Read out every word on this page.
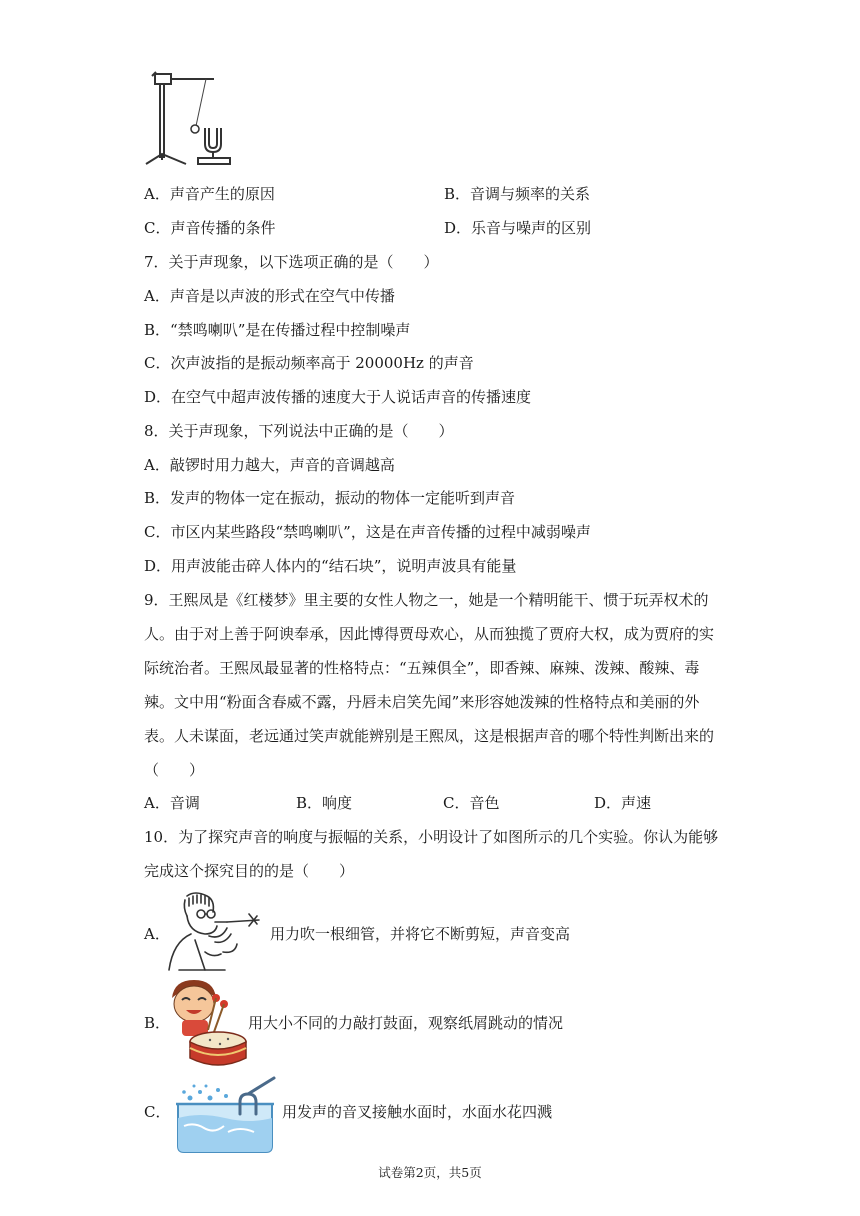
A．声音产生的原因	B．音调与频率的关系
C．声音传播的条件	D．乐音与噪声的区别
7．关于声现象，以下选项正确的是（　　）
A．声音是以声波的形式在空气中传播
B．“禁鸣喇叭”是在传播过程中控制噪声
C．次声波指的是振动频率高于 20000Hz 的声音
D．在空气中超声波传播的速度大于人说话声音的传播速度
8．关于声现象，下列说法中正确的是（　　）
A．敲锣时用力越大，声音的音调越高
B．发声的物体一定在振动，振动的物体一定能听到声音
C．市区内某些路段“禁鸣喇叭”，这是在声音传播的过程中减弱噪声
D．用声波能击碎人体内的“结石块”，说明声波具有能量
9．王熙凤是《红楼梦》里主要的女性人物之一，她是一个精明能干、惯于玩弄权术的
人。由于对上善于阿谀奉承，因此博得贾母欢心，从而独揽了贾府大权，成为贾府的实
际统治者。王熙凤最显著的性格特点：“五辣俱全”，即香辣、麻辣、泼辣、酸辣、毒
辣。文中用“粉面含春威不露，丹唇未启笑先闻”来形容她泼辣的性格特点和美丽的外
表。人未谋面，老远通过笑声就能辨别是王熙凤，这是根据声音的哪个特性判断出来的
（　　）
A．音调	B．响度	C．音色	D．声速
10．为了探究声音的响度与振幅的关系，小明设计了如图所示的几个实验。你认为能够
完成这个探究目的的是（　　）
A．	用力吹一根细管，并将它不断剪短，声音变高
B．	用大小不同的力敲打鼓面，观察纸屑跳动的情况
C．	用发声的音叉接触水面时，水面水花四溅
试卷第2页，共5页
